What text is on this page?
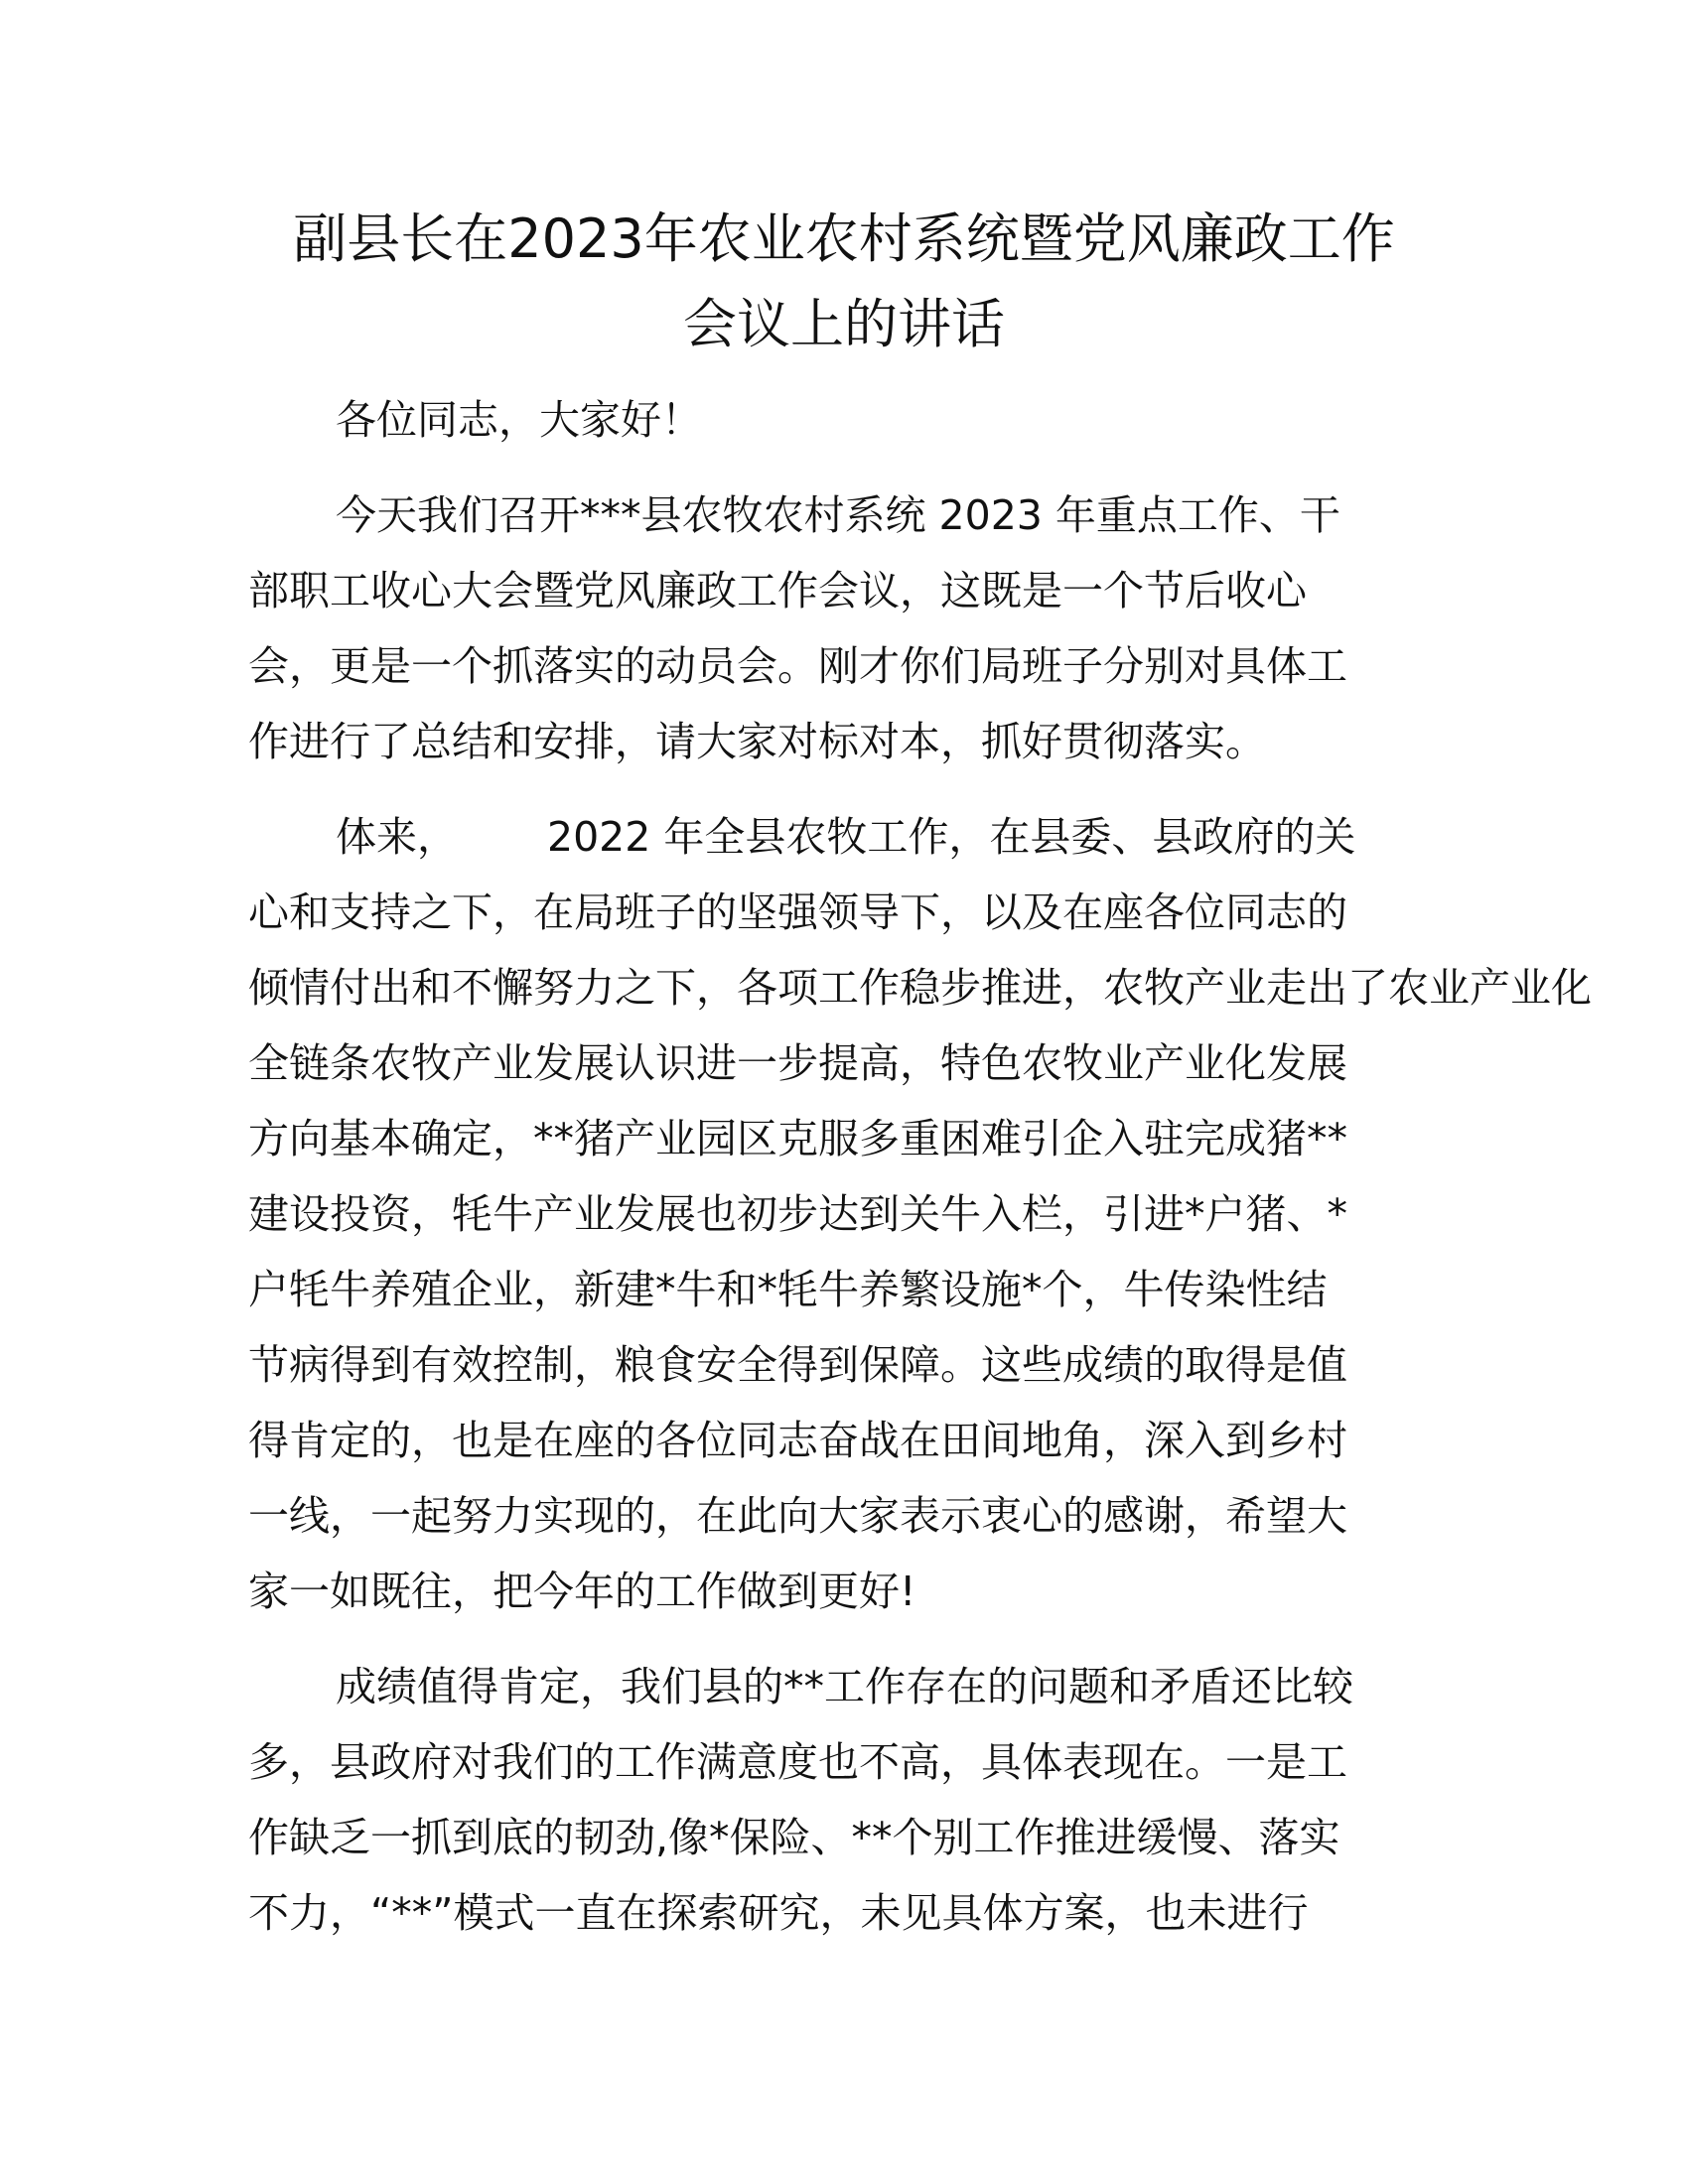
副县长在2023年农业农村系统暨党风廉政工作
会议上的讲话
各位同志，大家好！
今天我们召开***县农牧农村系统 2023 年重点工作、干
部职工收心大会暨党风廉政工作会议，这既是一个节后收心
会，更是一个抓落实的动员会。刚才你们局班子分别对具体工
作进行了总结和安排，请大家对标对本，抓好贯彻落实。
体来， 2022 年全县农牧工作，在县委、县政府的关
心和支持之下，在局班子的坚强领导下，以及在座各位同志的
倾情付出和不懈努力之下，各项工作稳步推进，农牧产业走出了农业产业化
全链条农牧产业发展认识进一步提高，特色农牧业产业化发展
方向基本确定，**猪产业园区克服多重困难引企入驻完成猪**
建设投资，牦牛产业发展也初步达到关牛入栏，引进*户猪、*
户牦牛养殖企业，新建*牛和*牦牛养繁设施*个，牛传染性结
节病得到有效控制，粮食安全得到保障。这些成绩的取得是值
得肯定的，也是在座的各位同志奋战在田间地角，深入到乡村
一线，一起努力实现的，在此向大家表示衷心的感谢，希望大
家一如既往，把今年的工作做到更好!
成绩值得肯定，我们县的**工作存在的问题和矛盾还比较
多，县政府对我们的工作满意度也不高，具体表现在。一是工
作缺乏一抓到底的韧劲,像*保险、**个别工作推进缓慢、落实
不力，“**”模式一直在探索研究，未见具体方案，也未进行
